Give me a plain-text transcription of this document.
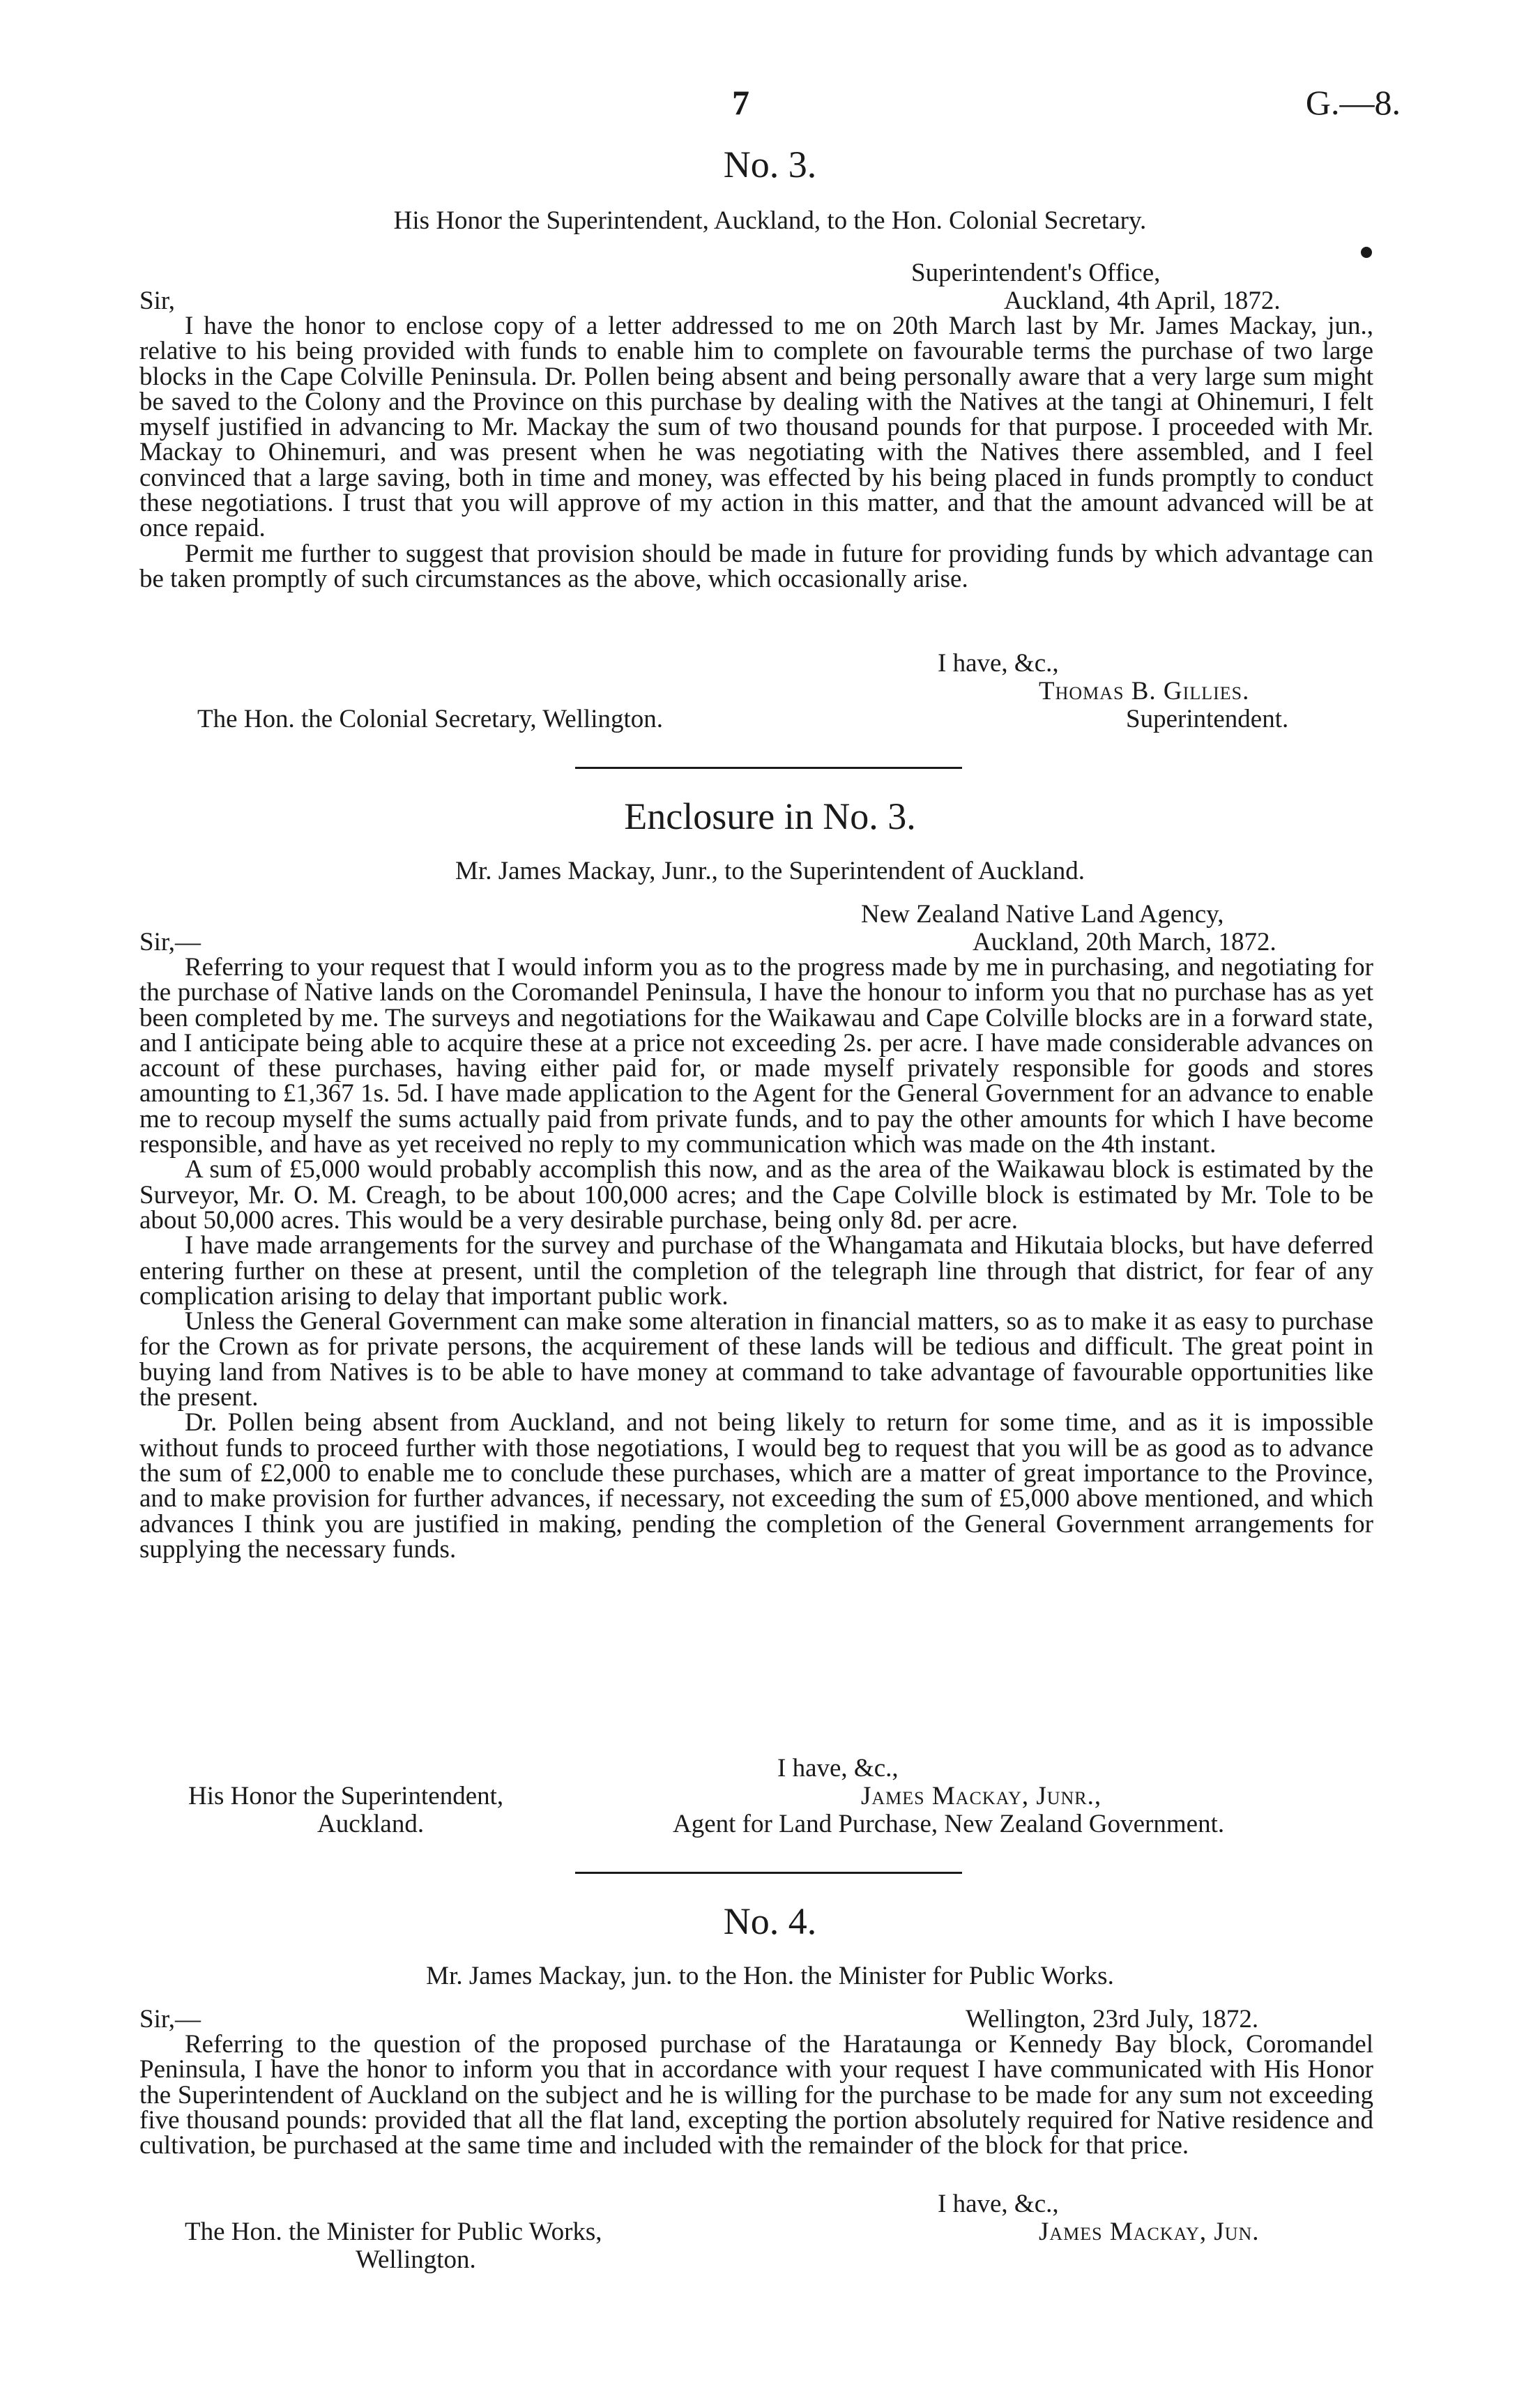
7	G.—8.
No. 3.
His Honor the Superintendent, Auckland, to the Hon. Colonial Secretary.
Superintendent's Office,
Sir,	Auckland, 4th April, 1872.

I have the honor to enclose copy of a letter addressed to me on 20th March last by Mr. James Mackay, jun., relative to his being provided with funds to enable him to complete on favourable terms the purchase of two large blocks in the Cape Colville Peninsula. Dr. Pollen being absent and being personally aware that a very large sum might be saved to the Colony and the Province on this purchase by dealing with the Natives at the tangi at Ohinemuri, I felt myself justified in advancing to Mr. Mackay the sum of two thousand pounds for that purpose. I proceeded with Mr. Mackay to Ohinemuri, and was present when he was negotiating with the Natives there assembled, and I feel convinced that a large saving, both in time and money, was effected by his being placed in funds promptly to conduct these negotiations. I trust that you will approve of my action in this matter, and that the amount advanced will be at once repaid.

Permit me further to suggest that provision should be made in future for providing funds by which advantage can be taken promptly of such circumstances as the above, which occasionally arise.

I have, &c.,
Thomas B. Gillies.
The Hon. the Colonial Secretary, Wellington.	Superintendent.
Enclosure in No. 3.
Mr. James Mackay, Junr., to the Superintendent of Auckland.
New Zealand Native Land Agency,
Sir,—	Auckland, 20th March, 1872.

Referring to your request that I would inform you as to the progress made by me in purchasing, and negotiating for the purchase of Native lands on the Coromandel Peninsula, I have the honour to inform you that no purchase has as yet been completed by me. The surveys and negotiations for the Waikawau and Cape Colville blocks are in a forward state, and I anticipate being able to acquire these at a price not exceeding 2s. per acre. I have made considerable advances on account of these purchases, having either paid for, or made myself privately responsible for goods and stores amounting to £1,367 1s. 5d. I have made application to the Agent for the General Government for an advance to enable me to recoup myself the sums actually paid from private funds, and to pay the other amounts for which I have become responsible, and have as yet received no reply to my communication which was made on the 4th instant.

A sum of £5,000 would probably accomplish this now, and as the area of the Waikawau block is estimated by the Surveyor, Mr. O. M. Creagh, to be about 100,000 acres; and the Cape Colville block is estimated by Mr. Tole to be about 50,000 acres. This would be a very desirable purchase, being only 8d. per acre.

I have made arrangements for the survey and purchase of the Whangamata and Hikutaia blocks, but have deferred entering further on these at present, until the completion of the telegraph line through that district, for fear of any complication arising to delay that important public work.

Unless the General Government can make some alteration in financial matters, so as to make it as easy to purchase for the Crown as for private persons, the acquirement of these lands will be tedious and difficult. The great point in buying land from Natives is to be able to have money at command to take advantage of favourable opportunities like the present.

Dr. Pollen being absent from Auckland, and not being likely to return for some time, and as it is impossible without funds to proceed further with those negotiations, I would beg to request that you will be as good as to advance the sum of £2,000 to enable me to conclude these purchases, which are a matter of great importance to the Province, and to make provision for further advances, if necessary, not exceeding the sum of £5,000 above mentioned, and which advances I think you are justified in making, pending the completion of the General Government arrangements for supplying the necessary funds.

I have, &c.,
His Honor the Superintendent,	James Mackay, Junr.,
Auckland.	Agent for Land Purchase, New Zealand Government.
No. 4.
Mr. James Mackay, jun. to the Hon. the Minister for Public Works.
Sir,—	Wellington, 23rd July, 1872.

Referring to the question of the proposed purchase of the Harataunga or Kennedy Bay block, Coromandel Peninsula, I have the honor to inform you that in accordance with your request I have communicated with His Honor the Superintendent of Auckland on the subject and he is willing for the purchase to be made for any sum not exceeding five thousand pounds: provided that all the flat land, excepting the portion absolutely required for Native residence and cultivation, be purchased at the same time and included with the remainder of the block for that price.

I have, &c.,
The Hon. the Minister for Public Works,	James Mackay, Jun.
Wellington.
